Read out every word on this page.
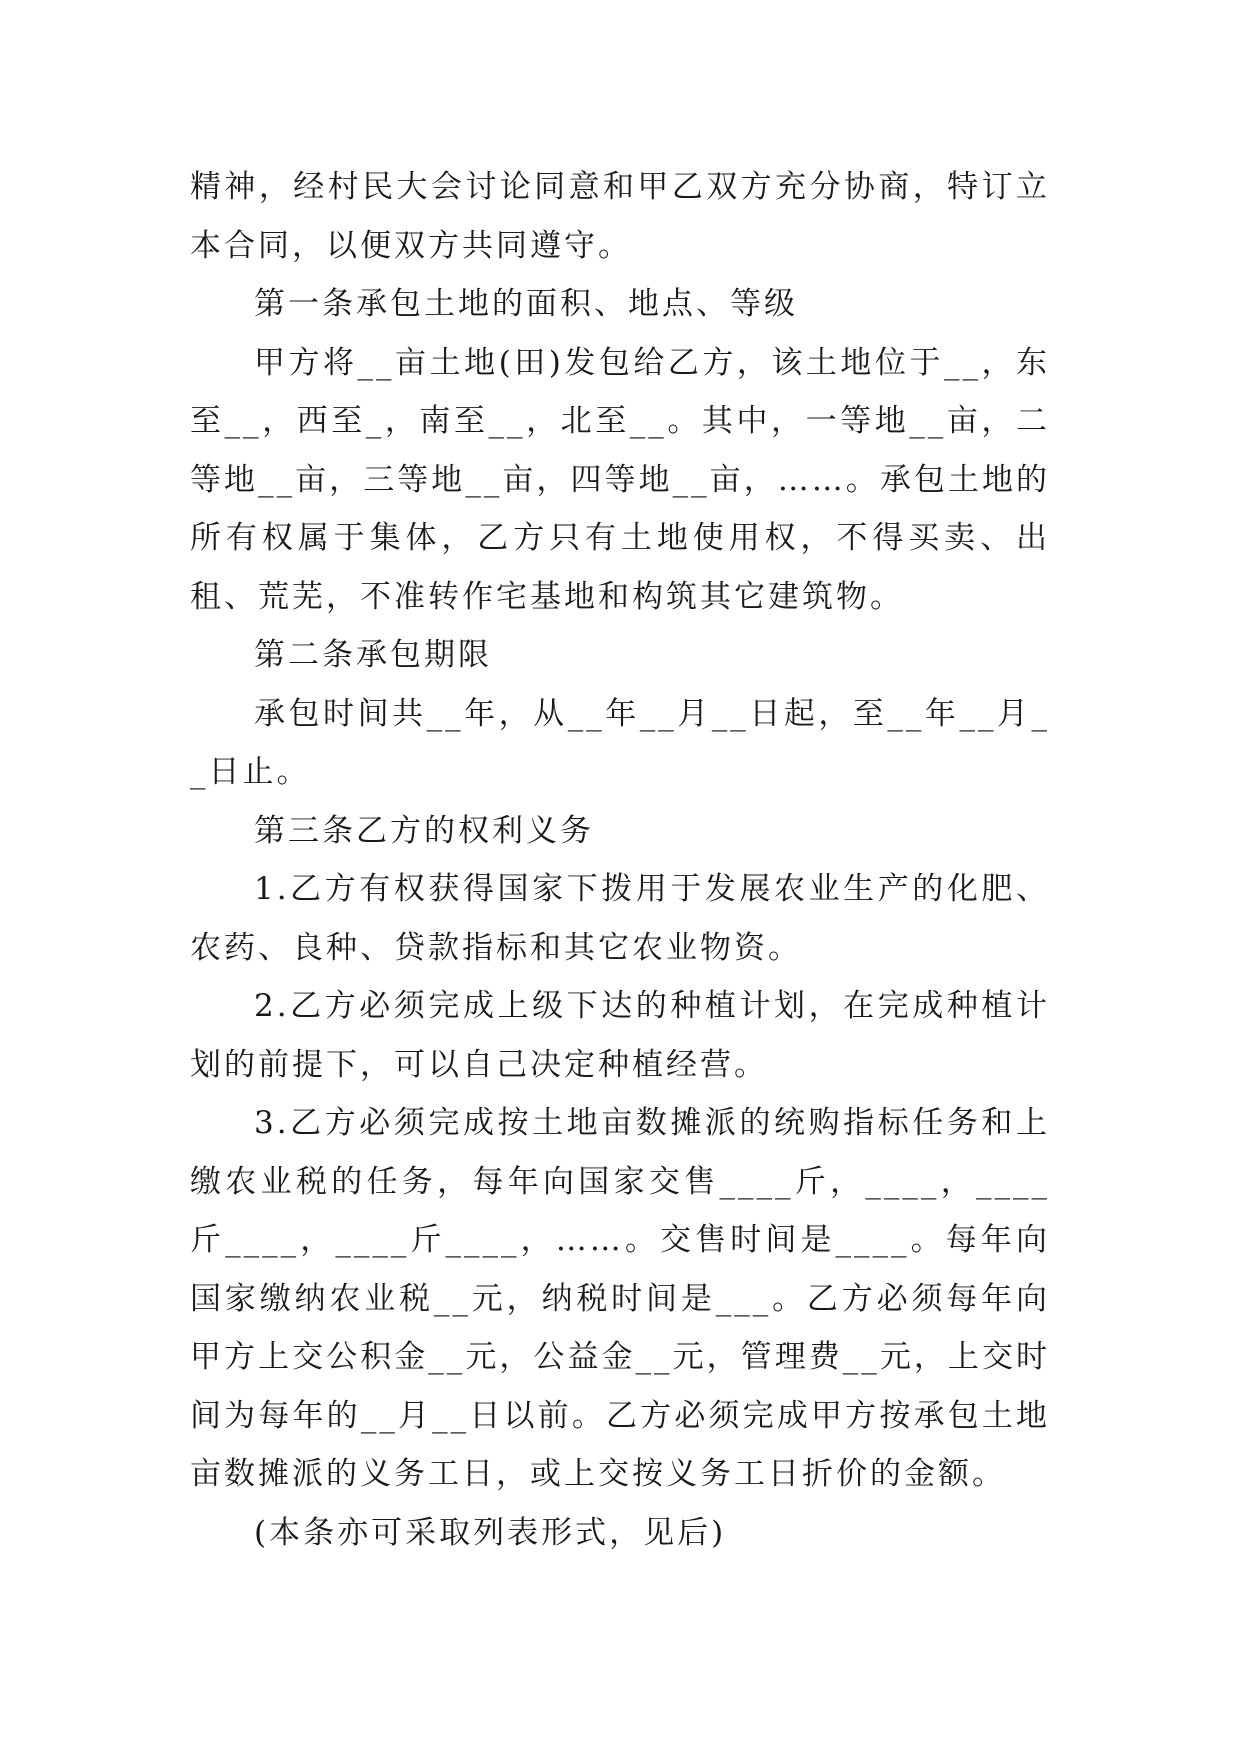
精神，经村民大会讨论同意和甲乙双方充分协商，特订立本合同，以便双方共同遵守。

第一条承包土地的面积、地点、等级

甲方将__亩土地(田)发包给乙方，该土地位于__，东至__，西至_，南至__，北至__。其中，一等地__亩，二等地__亩，三等地__亩，四等地__亩，……。承包土地的所有权属于集体，乙方只有土地使用权，不得买卖、出租、荒芜，不准转作宅基地和构筑其它建筑物。

第二条承包期限

承包时间共__年，从__年__月__日起，至__年__月__日止。

第三条乙方的权利义务

1.乙方有权获得国家下拨用于发展农业生产的化肥、农药、良种、贷款指标和其它农业物资。

2.乙方必须完成上级下达的种植计划，在完成种植计划的前提下，可以自己决定种植经营。

3.乙方必须完成按土地亩数摊派的统购指标任务和上缴农业税的任务，每年向国家交售____斤，____，____斤____，____斤____，……。交售时间是____。每年向国家缴纳农业税__元，纳税时间是___。乙方必须每年向甲方上交公积金__元，公益金__元，管理费__元，上交时间为每年的__月__日以前。乙方必须完成甲方按承包土地亩数摊派的义务工日，或上交按义务工日折价的金额。

(本条亦可采取列表形式，见后)
